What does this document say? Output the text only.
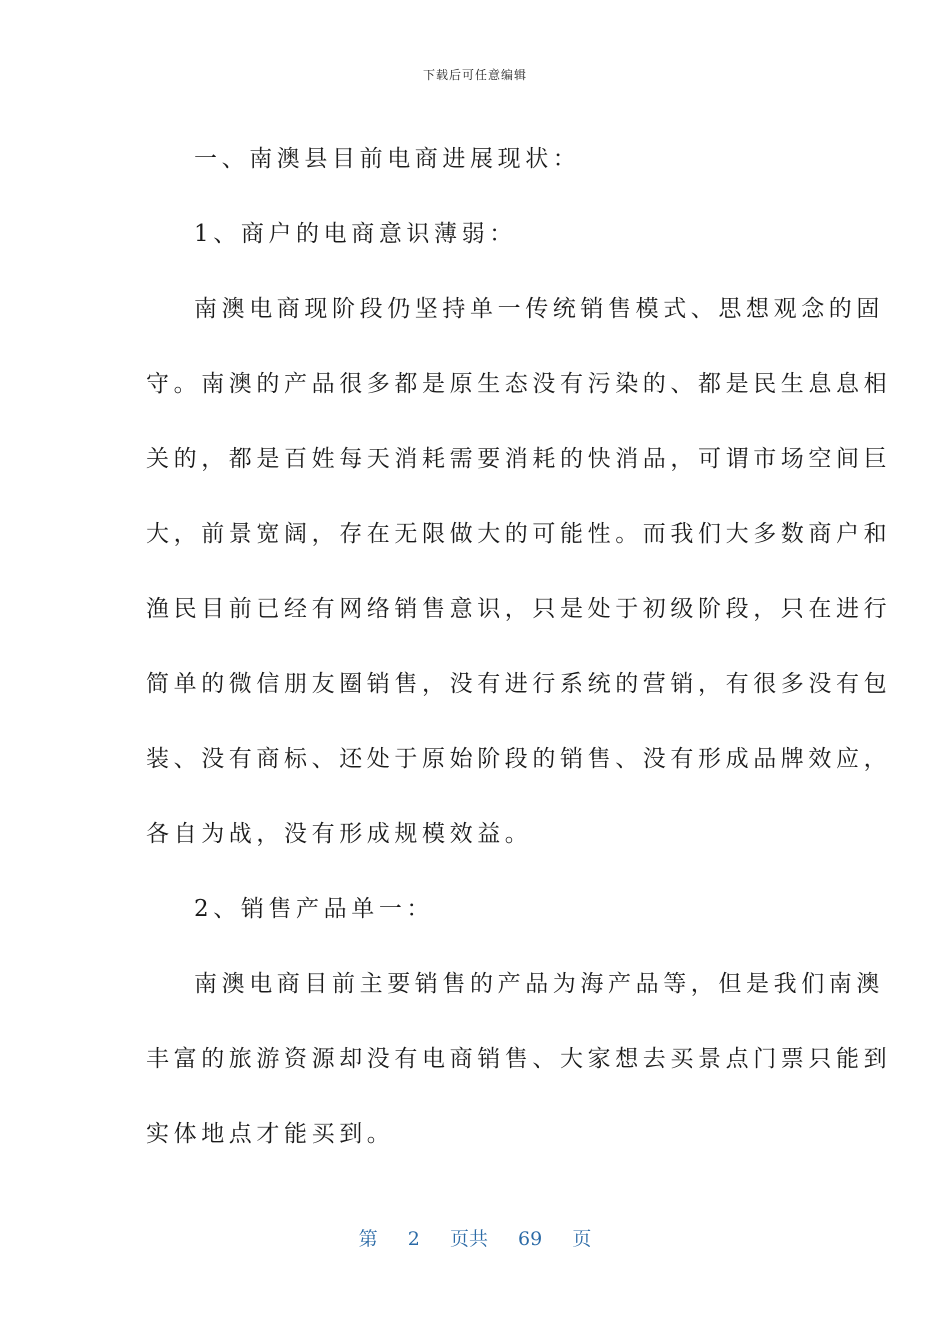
下载后可任意编辑
一、南澳县目前电商进展现状：
1、商户的电商意识薄弱：
南澳电商现阶段仍坚持单一传统销售模式、思想观念的固
守。南澳的产品很多都是原生态没有污染的、都是民生息息相
关的，都是百姓每天消耗需要消耗的快消品，可谓市场空间巨
大，前景宽阔，存在无限做大的可能性。而我们大多数商户和
渔民目前已经有网络销售意识，只是处于初级阶段，只在进行
简单的微信朋友圈销售，没有进行系统的营销，有很多没有包
装、没有商标、还处于原始阶段的销售、没有形成品牌效应，
各自为战，没有形成规模效益。
2、销售产品单一：
南澳电商目前主要销售的产品为海产品等，但是我们南澳
丰富的旅游资源却没有电商销售、大家想去买景点门票只能到
实体地点才能买到。
第 2 页共 69 页
